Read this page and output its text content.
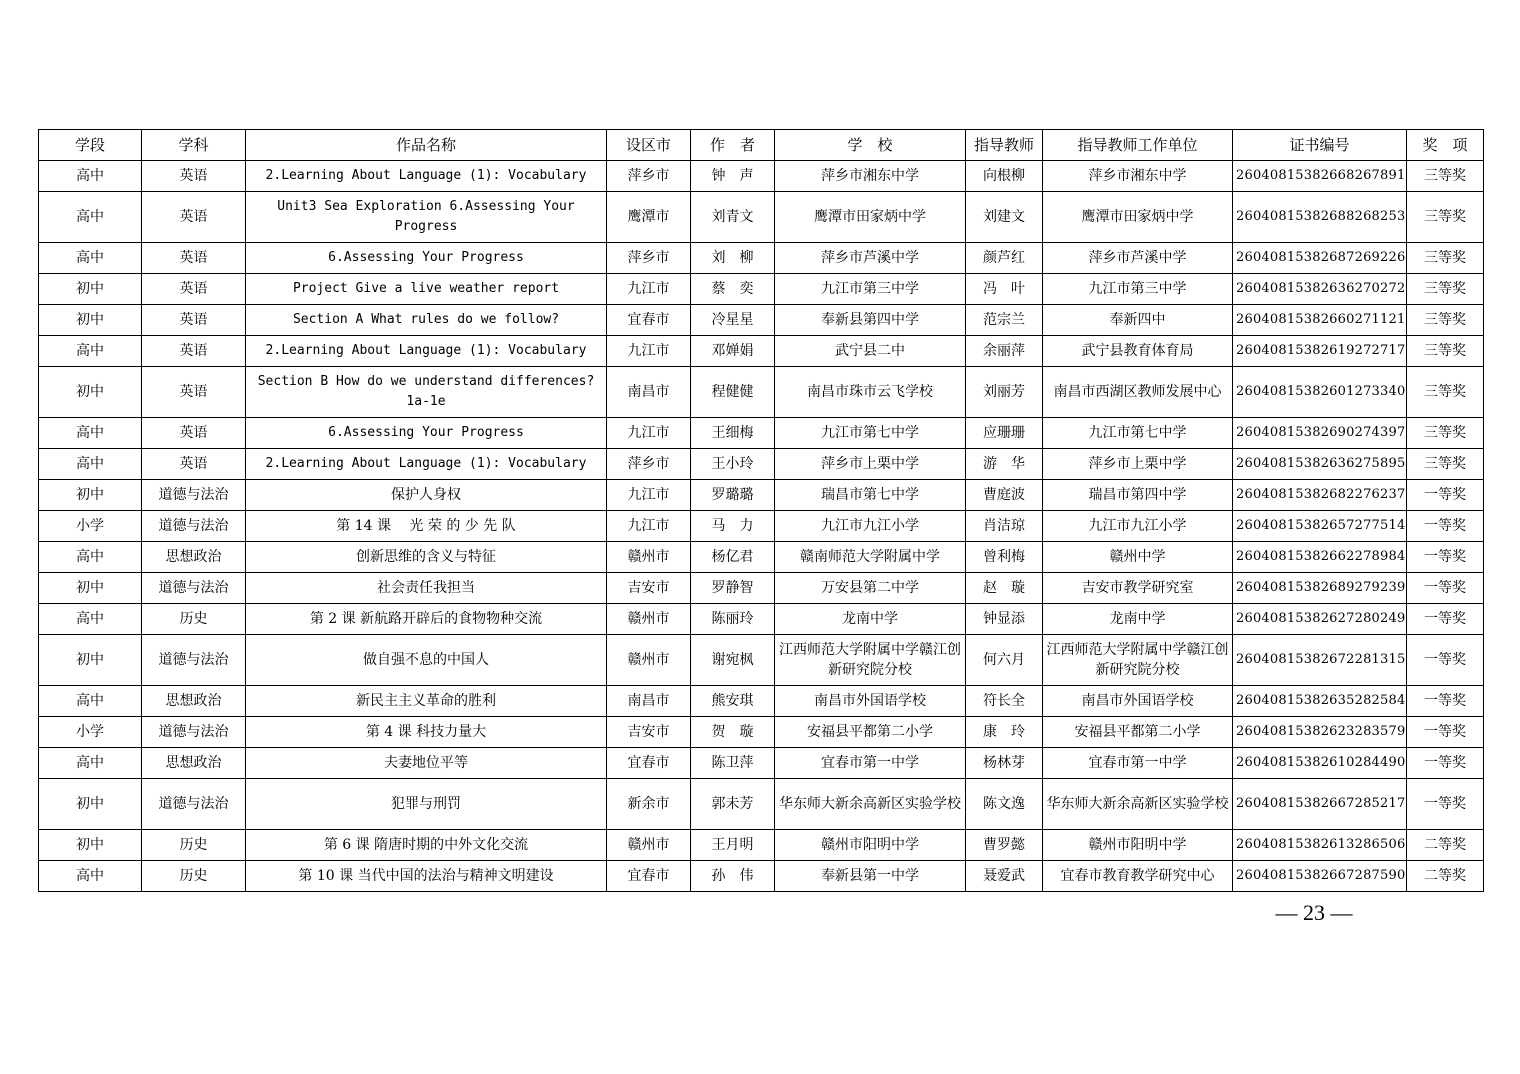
学段	学科	作品名称	设区市	作　者	学　校	指导教师	指导教师工作单位	证书编号	奖　项
高中	英语	2.Learning About Language (1): Vocabulary	萍乡市	钟　声	萍乡市湘东中学	向根柳	萍乡市湘东中学	26040815382668267891	三等奖
高中	英语	Unit3 Sea Exploration 6.Assessing Your Progress	鹰潭市	刘青文	鹰潭市田家炳中学	刘建文	鹰潭市田家炳中学	26040815382688268253	三等奖
高中	英语	6.Assessing Your Progress	萍乡市	刘　柳	萍乡市芦溪中学	颜芦红	萍乡市芦溪中学	26040815382687269226	三等奖
初中	英语	Project Give a live weather report	九江市	蔡　奕	九江市第三中学	冯　叶	九江市第三中学	26040815382636270272	三等奖
初中	英语	Section A What rules do we follow?	宜春市	冷星星	奉新县第四中学	范宗兰	奉新四中	26040815382660271121	三等奖
高中	英语	2.Learning About Language (1): Vocabulary	九江市	邓婵娟	武宁县二中	余丽萍	武宁县教育体育局	26040815382619272717	三等奖
初中	英语	Section B How do we understand differences? 1a-1e	南昌市	程健健	南昌市珠市云飞学校	刘丽芳	南昌市西湖区教师发展中心	26040815382601273340	三等奖
高中	英语	6.Assessing Your Progress	九江市	王细梅	九江市第七中学	应珊珊	九江市第七中学	26040815382690274397	三等奖
高中	英语	2.Learning About Language (1): Vocabulary	萍乡市	王小玲	萍乡市上栗中学	游　华	萍乡市上栗中学	26040815382636275895	三等奖
初中	道德与法治	保护人身权	九江市	罗璐璐	瑞昌市第七中学	曹庭波	瑞昌市第四中学	26040815382682276237	一等奖
小学	道德与法治	第 14 课　 光 荣 的 少 先 队	九江市	马　力	九江市九江小学	肖洁琼	九江市九江小学	26040815382657277514	一等奖
高中	思想政治	创新思维的含义与特征	赣州市	杨亿君	赣南师范大学附属中学	曾利梅	赣州中学	26040815382662278984	一等奖
初中	道德与法治	社会责任我担当	吉安市	罗静智	万安县第二中学	赵　璇	吉安市教学研究室	26040815382689279239	一等奖
高中	历史	第 2 课 新航路开辟后的食物物种交流	赣州市	陈丽玲	龙南中学	钟显添	龙南中学	26040815382627280249	一等奖
初中	道德与法治	做自强不息的中国人	赣州市	谢宛枫	江西师范大学附属中学赣江创新研究院分校	何六月	江西师范大学附属中学赣江创新研究院分校	26040815382672281315	一等奖
高中	思想政治	新民主主义革命的胜利	南昌市	熊安琪	南昌市外国语学校	符长全	南昌市外国语学校	26040815382635282584	一等奖
小学	道德与法治	第 4 课 科技力量大	吉安市	贺　璇	安福县平都第二小学	康　玲	安福县平都第二小学	26040815382623283579	一等奖
高中	思想政治	夫妻地位平等	宜春市	陈卫萍	宜春市第一中学	杨林芽	宜春市第一中学	26040815382610284490	一等奖
初中	道德与法治	犯罪与刑罚	新余市	郭未芳	华东师大新余高新区实验学校	陈文逸	华东师大新余高新区实验学校	26040815382667285217	一等奖
初中	历史	第 6 课 隋唐时期的中外文化交流	赣州市	王月明	赣州市阳明中学	曹罗懿	赣州市阳明中学	26040815382613286506	二等奖
高中	历史	第 10 课 当代中国的法治与精神文明建设	宜春市	孙　伟	奉新县第一中学	聂爱武	宜春市教育教学研究中心	26040815382667287590	二等奖
— 23 —
